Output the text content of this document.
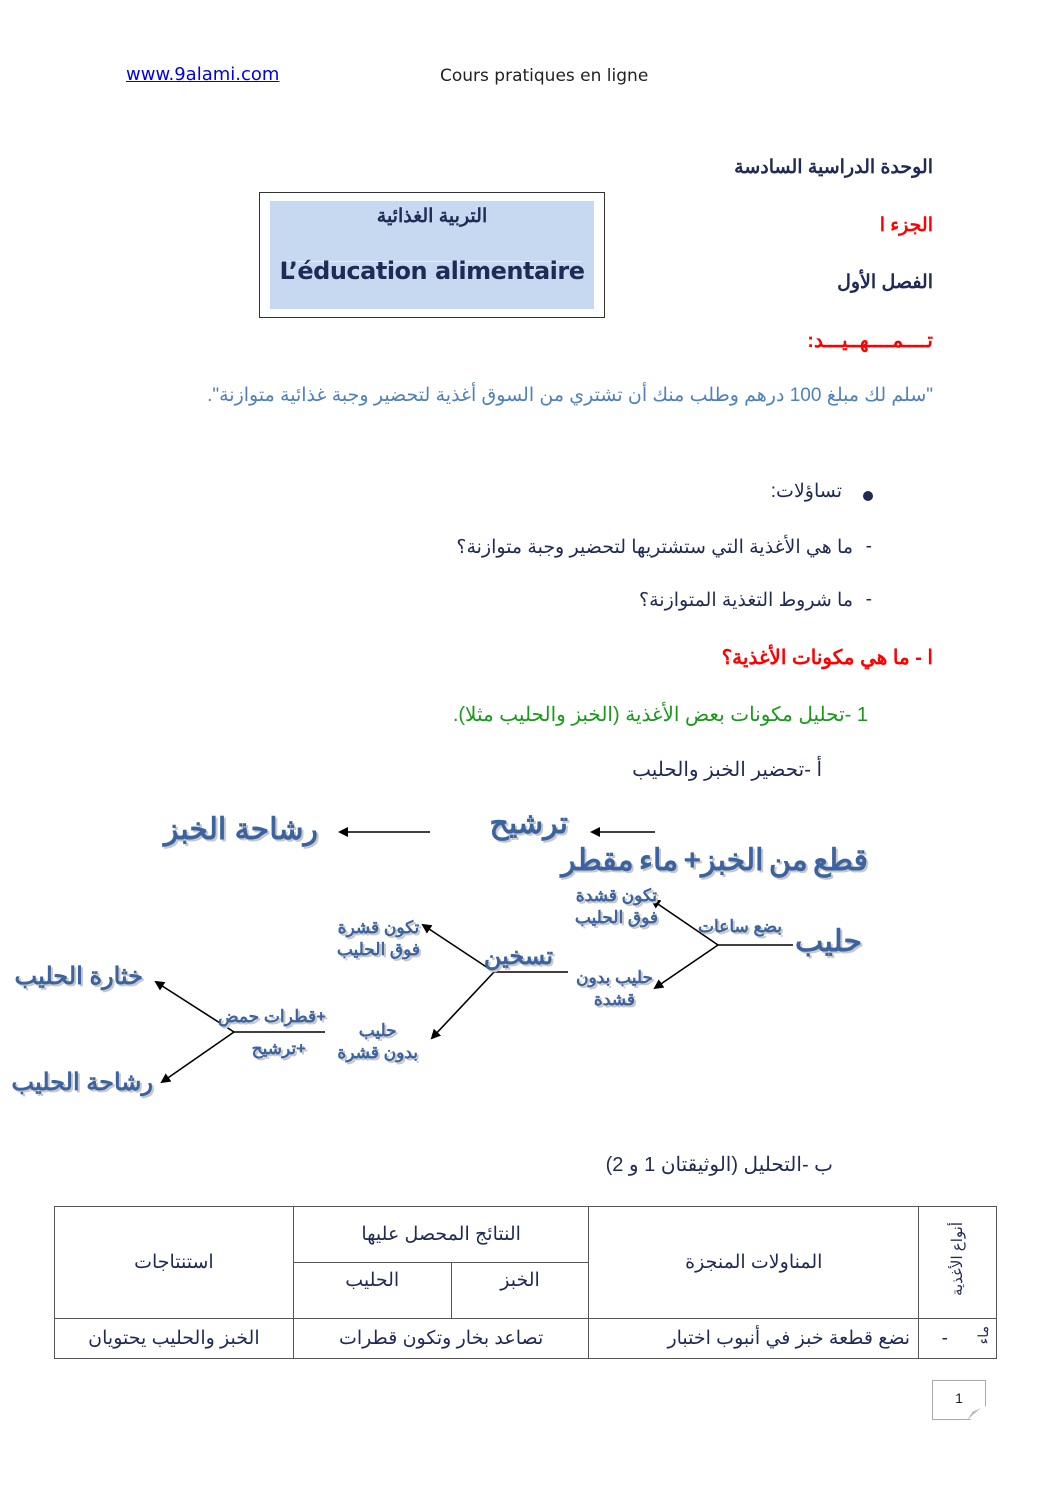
www.9alami.com	Cours pratiques en ligne
الوحدة الدراسية السادسة
الجزء ا
الفصل الأول
تــــمــــهــيـــد:
التربية الغذائية
L’éducation alimentaire
"سلم لك مبلغ 100 درهم وطلب منك أن تشتري من السوق أغذية لتحضير وجبة غذائية متوازنة".
تساؤلات:
-
ما هي الأغذية التي ستشتريها لتحضير وجبة متوازنة؟
-
ما شروط التغذية المتوازنة؟
ا - ما هي مكونات الأغذية؟
1 -تحليل مكونات بعض الأغذية (الخبز والحليب مثلا).
أ -تحضير الخبز والحليب
قطع من الخبز+ ماء مقطر
ترشيح
رشاحة الخبز
حليب
بضع ساعات
تكون قشدة
فوق الحليب
حليب بدون
قشدة
تسخين
تكون قشرة
فوق الحليب
حليب
بدون قشرة
+قطرات حمض
+ترشيح
خثارة الحليب
رشاحة الحليب
ب -التحليل (الوثيقتان 1 و 2)
أنواع الأغذية		المناولات المنجزة	النتائج المحصل عليها		استنتاجات
			الخبز	الحليب	
ماء	-	نضع قطعة خبز في أنبوب اختبار	تصاعد بخار وتكون قطرات		الخبز والحليب يحتويان
1
